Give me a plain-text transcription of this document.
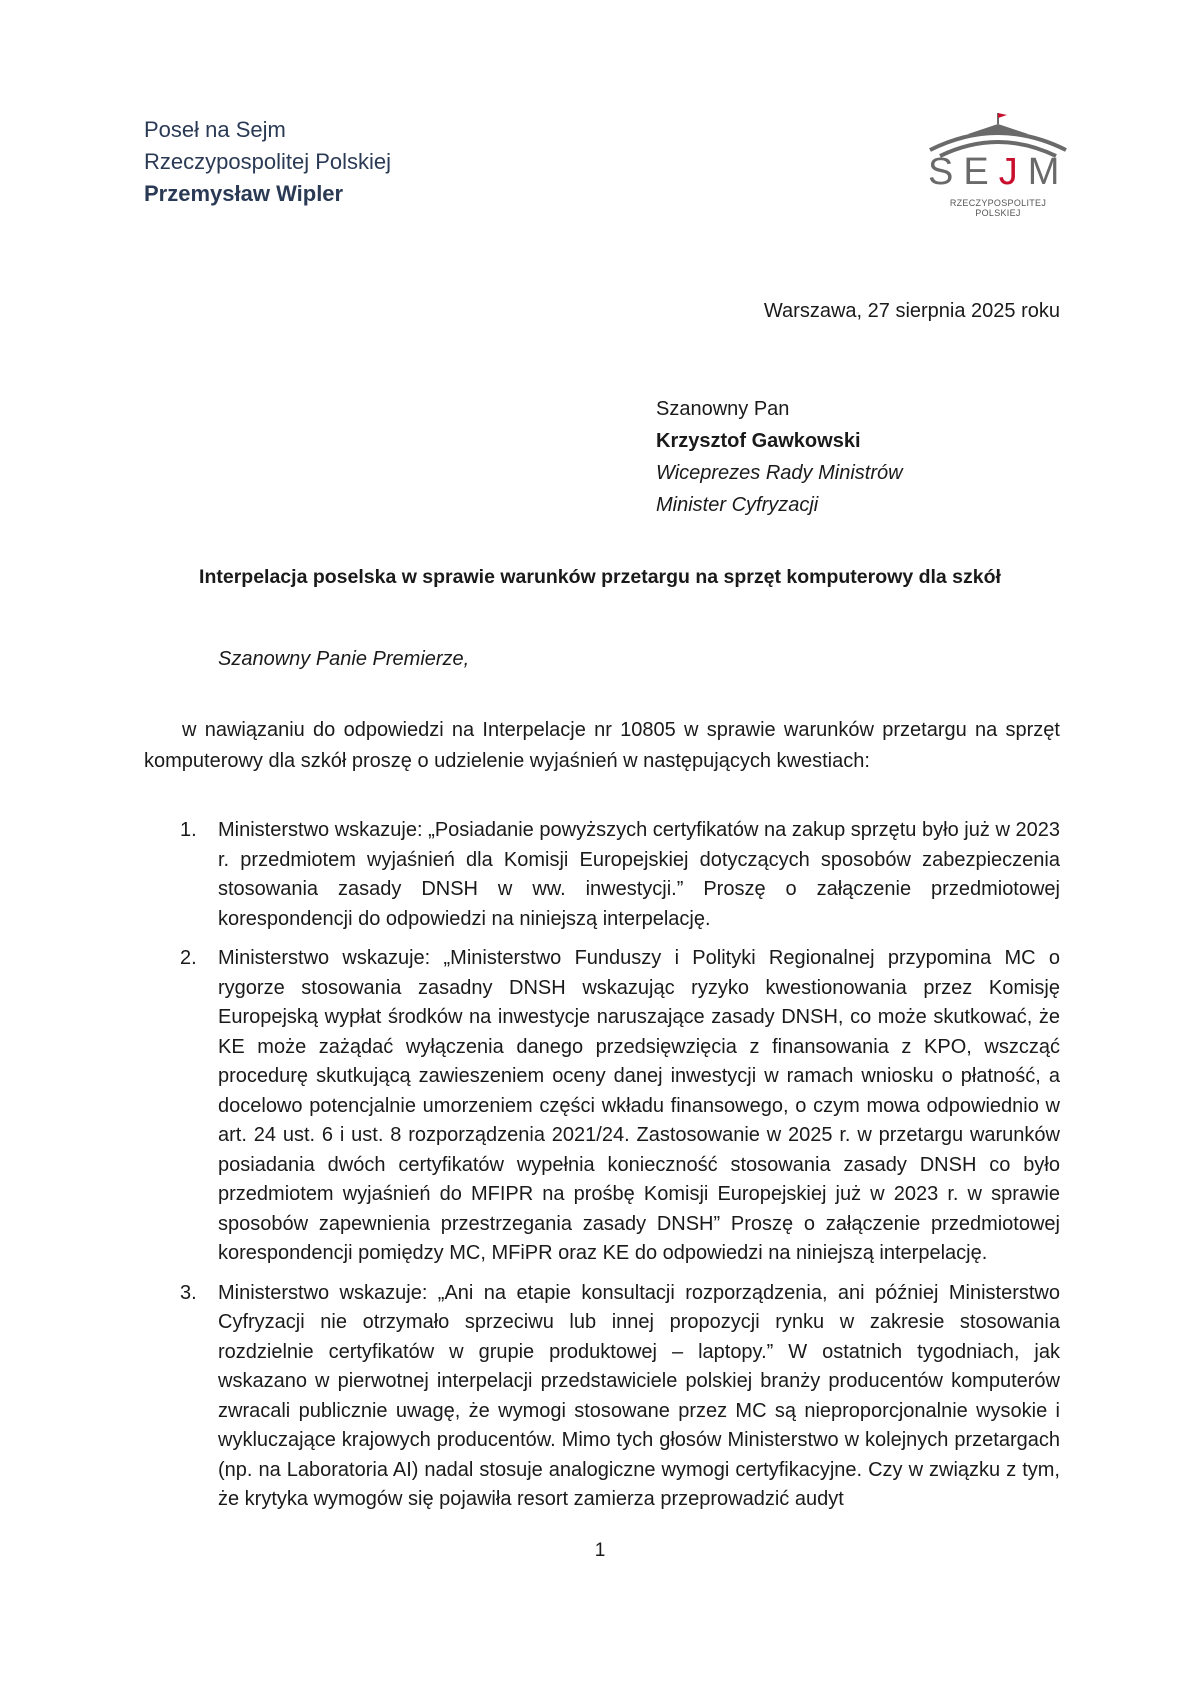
Poseł na Sejm
Rzeczypospolitej Polskiej
Przemysław Wipler
SEJM
RZECZYPOSPOLITEJ POLSKIEJ
Warszawa, 27 sierpnia 2025 roku
Szanowny Pan
Krzysztof Gawkowski
Wiceprezes Rady Ministrów
Minister Cyfryzacji
Interpelacja poselska w sprawie warunków przetargu na sprzęt komputerowy dla szkół
Szanowny Panie Premierze,
w nawiązaniu do odpowiedzi na Interpelacje nr 10805 w sprawie warunków przetargu na sprzęt komputerowy dla szkół proszę o udzielenie wyjaśnień w następujących kwestiach:
1. Ministerstwo wskazuje: „Posiadanie powyższych certyfikatów na zakup sprzętu było już w 2023 r. przedmiotem wyjaśnień dla Komisji Europejskiej dotyczących sposobów zabezpieczenia stosowania zasady DNSH w ww. inwestycji.” Proszę o załączenie przedmiotowej korespondencji do odpowiedzi na niniejszą interpelację.
2. Ministerstwo wskazuje: „Ministerstwo Funduszy i Polityki Regionalnej przypomina MC o rygorze stosowania zasadny DNSH wskazując ryzyko kwestionowania przez Komisję Europejską wypłat środków na inwestycje naruszające zasady DNSH, co może skutkować, że KE może zażądać wyłączenia danego przedsięwzięcia z finansowania z KPO, wszcząć procedurę skutkującą zawieszeniem oceny danej inwestycji w ramach wniosku o płatność, a docelowo potencjalnie umorzeniem części wkładu finansowego, o czym mowa odpowiednio w art. 24 ust. 6 i ust. 8 rozporządzenia 2021/24. Zastosowanie w 2025 r. w przetargu warunków posiadania dwóch certyfikatów wypełnia konieczność stosowania zasady DNSH co było przedmiotem wyjaśnień do MFIPR na prośbę Komisji Europejskiej już w 2023 r. w sprawie sposobów zapewnienia przestrzegania zasady DNSH” Proszę o załączenie przedmiotowej korespondencji pomiędzy MC, MFiPR oraz KE do odpowiedzi na niniejszą interpelację.
3. Ministerstwo wskazuje: „Ani na etapie konsultacji rozporządzenia, ani później Ministerstwo Cyfryzacji nie otrzymało sprzeciwu lub innej propozycji rynku w zakresie stosowania rozdzielnie certyfikatów w grupie produktowej – laptopy.” W ostatnich tygodniach, jak wskazano w pierwotnej interpelacji przedstawiciele polskiej branży producentów komputerów zwracali publicznie uwagę, że wymogi stosowane przez MC są nieproporcjonalnie wysokie i wykluczające krajowych producentów. Mimo tych głosów Ministerstwo w kolejnych przetargach (np. na Laboratoria AI) nadal stosuje analogiczne wymogi certyfikacyjne. Czy w związku z tym, że krytyka wymogów się pojawiła resort zamierza przeprowadzić audyt
1
